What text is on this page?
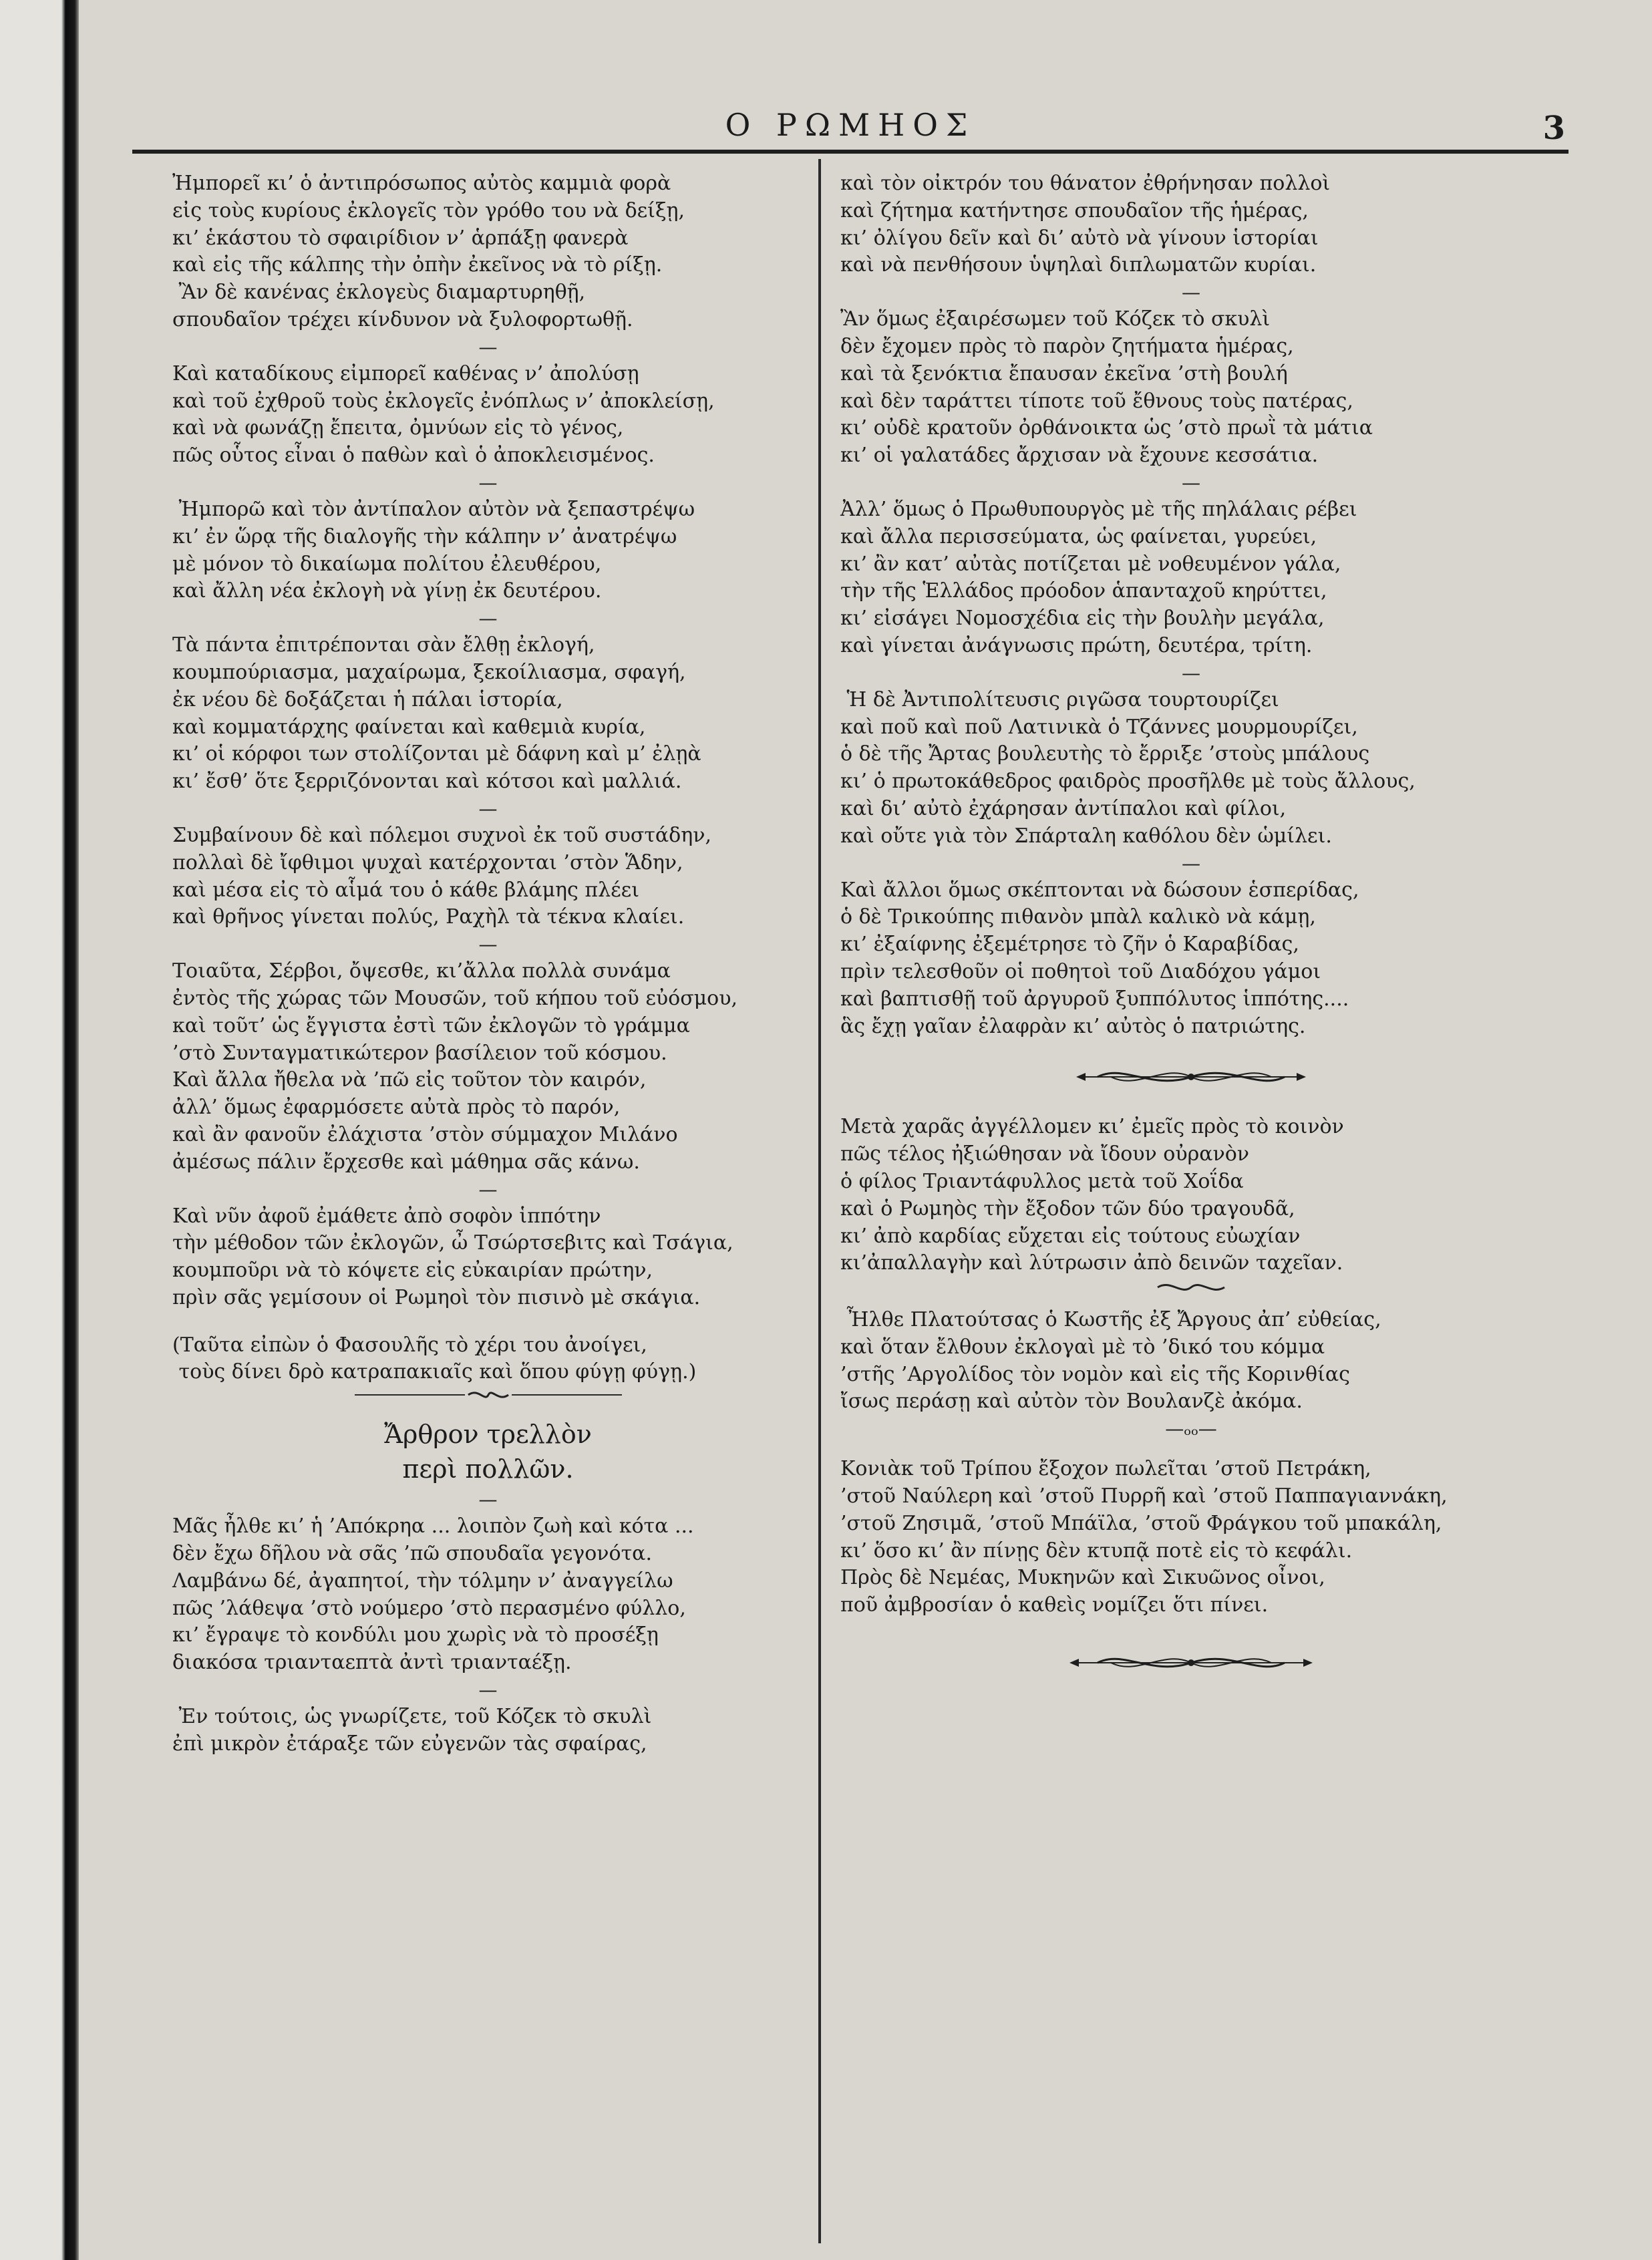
Ο ΡΩΜΗΟΣ	3

Ἠμπορεῖ κι’ ὁ ἀντιπρόσωπος αὐτὸς καμμιὰ φορὰ
εἰς τοὺς κυρίους ἐκλογεῖς τὸν γρόθο του νὰ δείξῃ,
κι’ ἑκάστου τὸ σφαιρίδιον ν’ ἁρπάξῃ φανερὰ
καὶ εἰς τῆς κάλπης τὴν ὀπὴν ἐκεῖνος νὰ τὸ ρίξῃ.
Ἂν δὲ κανένας ἐκλογεὺς διαμαρτυρηθῇ,
σπουδαῖον τρέχει κίνδυνον νὰ ξυλοφορτωθῇ.

—

Καὶ καταδίκους εἰμπορεῖ καθένας ν’ ἀπολύσῃ
καὶ τοῦ ἐχθροῦ τοὺς ἐκλογεῖς ἐνόπλως ν’ ἀποκλείσῃ,
καὶ νὰ φωνάζῃ ἔπειτα, ὀμνύων εἰς τὸ γένος,
πῶς οὗτος εἶναι ὁ παθὼν καὶ ὁ ἀποκλεισμένος.

—

Ἠμπορῶ καὶ τὸν ἀντίπαλον αὐτὸν νὰ ξεπαστρέψω
κι’ ἐν ὥρᾳ τῆς διαλογῆς τὴν κάλπην ν’ ἀνατρέψω
μὲ μόνον τὸ δικαίωμα πολίτου ἐλευθέρου,
καὶ ἄλλη νέα ἐκλογὴ νὰ γίνῃ ἐκ δευτέρου.

—

Τὰ πάντα ἐπιτρέπονται σὰν ἔλθῃ ἐκλογή,
κουμπούριασμα, μαχαίρωμα, ξεκοίλιασμα, σφαγή,
ἐκ νέου δὲ δοξάζεται ἡ πάλαι ἱστορία,
καὶ κομματάρχης φαίνεται καὶ καθεμιὰ κυρία,
κι’ οἱ κόρφοι των στολίζονται μὲ δάφνη καὶ μ’ ἐλῃὰ
κι’ ἔσθ’ ὅτε ξερριζόνονται καὶ κότσοι καὶ μαλλιά.

—

Συμβαίνουν δὲ καὶ πόλεμοι συχνοὶ ἐκ τοῦ συστάδην,
πολλαὶ δὲ ἴφθιμοι ψυχαὶ κατέρχονται ’στὸν Ἅδην,
καὶ μέσα εἰς τὸ αἷμά του ὁ κάθε βλάμης πλέει
καὶ θρῆνος γίνεται πολύς, Ραχὴλ τὰ τέκνα κλαίει.

—

Τοιαῦτα, Σέρβοι, ὄψεσθε, κι’ἄλλα πολλὰ συνάμα
ἐντὸς τῆς χώρας τῶν Μουσῶν, τοῦ κήπου τοῦ εὐόσμου,
καὶ τοῦτ’ ὡς ἔγγιστα ἐστὶ τῶν ἐκλογῶν τὸ γράμμα
’στὸ Συνταγματικώτερον βασίλειον τοῦ κόσμου.
Καὶ ἄλλα ἤθελα νὰ ’πῶ εἰς τοῦτον τὸν καιρόν,
ἀλλ’ ὅμως ἐφαρμόσετε αὐτὰ πρὸς τὸ παρόν,
καὶ ἂν φανοῦν ἐλάχιστα ’στὸν σύμμαχον Μιλάνο
ἀμέσως πάλιν ἔρχεσθε καὶ μάθημα σᾶς κάνω.

—

Καὶ νῦν ἀφοῦ ἐμάθετε ἀπὸ σοφὸν ἱππότην
τὴν μέθοδον τῶν ἐκλογῶν, ὦ Τσώρτσεβιτς καὶ Τσάγια,
κουμποῦρι νὰ τὸ κόψετε εἰς εὐκαιρίαν πρώτην,
πρὶν σᾶς γεμίσουν οἱ Ρωμηοὶ τὸν πισινὸ μὲ σκάγια.

(Ταῦτα εἰπὼν ὁ Φασουλῆς τὸ χέρι του ἀνοίγει,
τοὺς δίνει δρὸ κατραπακιαῖς καὶ ὅπου φύγῃ φύγῃ.)

Ἄρθρον τρελλὸν
περὶ πολλῶν.

—

Μᾶς ἦλθε κι’ ἡ ’Απόκρηα ... λοιπὸν ζωὴ καὶ κότα ...
δὲν ἔχω δῆλου νὰ σᾶς ’πῶ σπουδαῖα γεγονότα.
Λαμβάνω δέ, ἀγαπητοί, τὴν τόλμην ν’ ἀναγγείλω
πῶς ’λάθεψα ’στὸ νούμερο ’στὸ περασμένο φύλλο,
κι’ ἔγραψε τὸ κονδύλι μου χωρὶς νὰ τὸ προσέξῃ
διακόσα τριανταεπτὰ ἀντὶ τριανταέξῃ.

—

Ἐν τούτοις, ὡς γνωρίζετε, τοῦ Κόζεκ τὸ σκυλὶ
ἐπὶ μικρὸν ἐτάραξε τῶν εὐγενῶν τὰς σφαίρας,

καὶ τὸν οἰκτρόν του θάνατον ἐθρήνησαν πολλοὶ
καὶ ζήτημα κατήντησε σπουδαῖον τῆς ἡμέρας,
κι’ ὀλίγου δεῖν καὶ δι’ αὐτὸ νὰ γίνουν ἱστορίαι
καὶ νὰ πενθήσουν ὑψηλαὶ διπλωματῶν κυρίαι.

—

Ἂν ὅμως ἐξαιρέσωμεν τοῦ Κόζεκ τὸ σκυλὶ
δὲν ἔχομεν πρὸς τὸ παρὸν ζητήματα ἡμέρας,
καὶ τὰ ξενόκτια ἔπαυσαν ἐκεῖνα ’στὴ βουλή
καὶ δὲν ταράττει τίποτε τοῦ ἔθνους τοὺς πατέρας,
κι’ οὐδὲ κρατοῦν ὀρθάνοικτα ὡς ’στὸ πρωῒ τὰ μάτια
κι’ οἱ γαλατάδες ἄρχισαν νὰ ἔχουνε κεσσάτια.

—

Ἀλλ’ ὅμως ὁ Πρωθυπουργὸς μὲ τῆς πηλάλαις ρέβει
καὶ ἄλλα περισσεύματα, ὡς φαίνεται, γυρεύει,
κι’ ἂν κατ’ αὐτὰς ποτίζεται μὲ νοθευμένον γάλα,
τὴν τῆς Ἑλλάδος πρόοδον ἁπανταχοῦ κηρύττει,
κι’ εἰσάγει Νομοσχέδια εἰς τὴν βουλὴν μεγάλα,
καὶ γίνεται ἀνάγνωσις πρώτη, δευτέρα, τρίτη.

—

Ἡ δὲ Ἀντιπολίτευσις ριγῶσα τουρτουρίζει
καὶ ποῦ καὶ ποῦ Λατινικὰ ὁ Τζάννες μουρμουρίζει,
ὁ δὲ τῆς Ἄρτας βουλευτὴς τὸ ἔρριξε ’στοὺς μπάλους
κι’ ὁ πρωτοκάθεδρος φαιδρὸς προσῆλθε μὲ τοὺς ἄλλους,
καὶ δι’ αὐτὸ ἐχάρησαν ἀντίπαλοι καὶ φίλοι,
καὶ οὔτε γιὰ τὸν Σπάρταλη καθόλου δὲν ὡμίλει.

—

Καὶ ἄλλοι ὅμως σκέπτονται νὰ δώσουν ἑσπερίδας,
ὁ δὲ Τρικούπης πιθανὸν μπὰλ καλικὸ νὰ κάμῃ,
κι’ ἐξαίφνης ἐξεμέτρησε τὸ ζῆν ὁ Καραβίδας,
πρὶν τελεσθοῦν οἱ ποθητοὶ τοῦ Διαδόχου γάμοι
καὶ βαπτισθῇ τοῦ ἀργυροῦ ξυππόλυτος ἱππότης....
ἃς ἔχῃ γαῖαν ἐλαφρὰν κι’ αὐτὸς ὁ πατριώτης.

Μετὰ χαρᾶς ἀγγέλλομεν κι’ ἐμεῖς πρὸς τὸ κοινὸν
πῶς τέλος ἠξιώθησαν νὰ ἴδουν οὐρανὸν
ὁ φίλος Τριαντάφυλλος μετὰ τοῦ Χοΐδα
καὶ ὁ Ρωμηὸς τὴν ἔξοδον τῶν δύο τραγουδᾶ,
κι’ ἀπὸ καρδίας εὔχεται εἰς τούτους εὐωχίαν
κι’ἀπαλλαγὴν καὶ λύτρωσιν ἀπὸ δεινῶν ταχεῖαν.

Ἦλθε Πλατούτσας ὁ Κωστῆς ἐξ Ἄργους ἀπ’ εὐθείας,
καὶ ὅταν ἔλθουν ἐκλογαὶ μὲ τὸ ’δικό του κόμμα
’στῆς ’Αργολίδος τὸν νομὸν καὶ εἰς τῆς Κορινθίας
ἴσως περάσῃ καὶ αὐτὸν τὸν Βουλανζὲ ἀκόμα.

—ₒₒ—

Κονιὰκ τοῦ Τρίπου ἔξοχον πωλεῖται ’στοῦ Πετράκη,
’στοῦ Ναύλερη καὶ ’στοῦ Πυρρῆ καὶ ’στοῦ Παππαγιαννάκη,
’στοῦ Ζησιμᾶ, ’στοῦ Μπάϊλα, ’στοῦ Φράγκου τοῦ μπακάλη,
κι’ ὅσο κι’ ἂν πίνῃς δὲν κτυπᾷ ποτὲ εἰς τὸ κεφάλι.
Πρὸς δὲ Νεμέας, Μυκηνῶν καὶ Σικυῶνος οἶνοι,
ποῦ ἀμβροσίαν ὁ καθεὶς νομίζει ὅτι πίνει.
